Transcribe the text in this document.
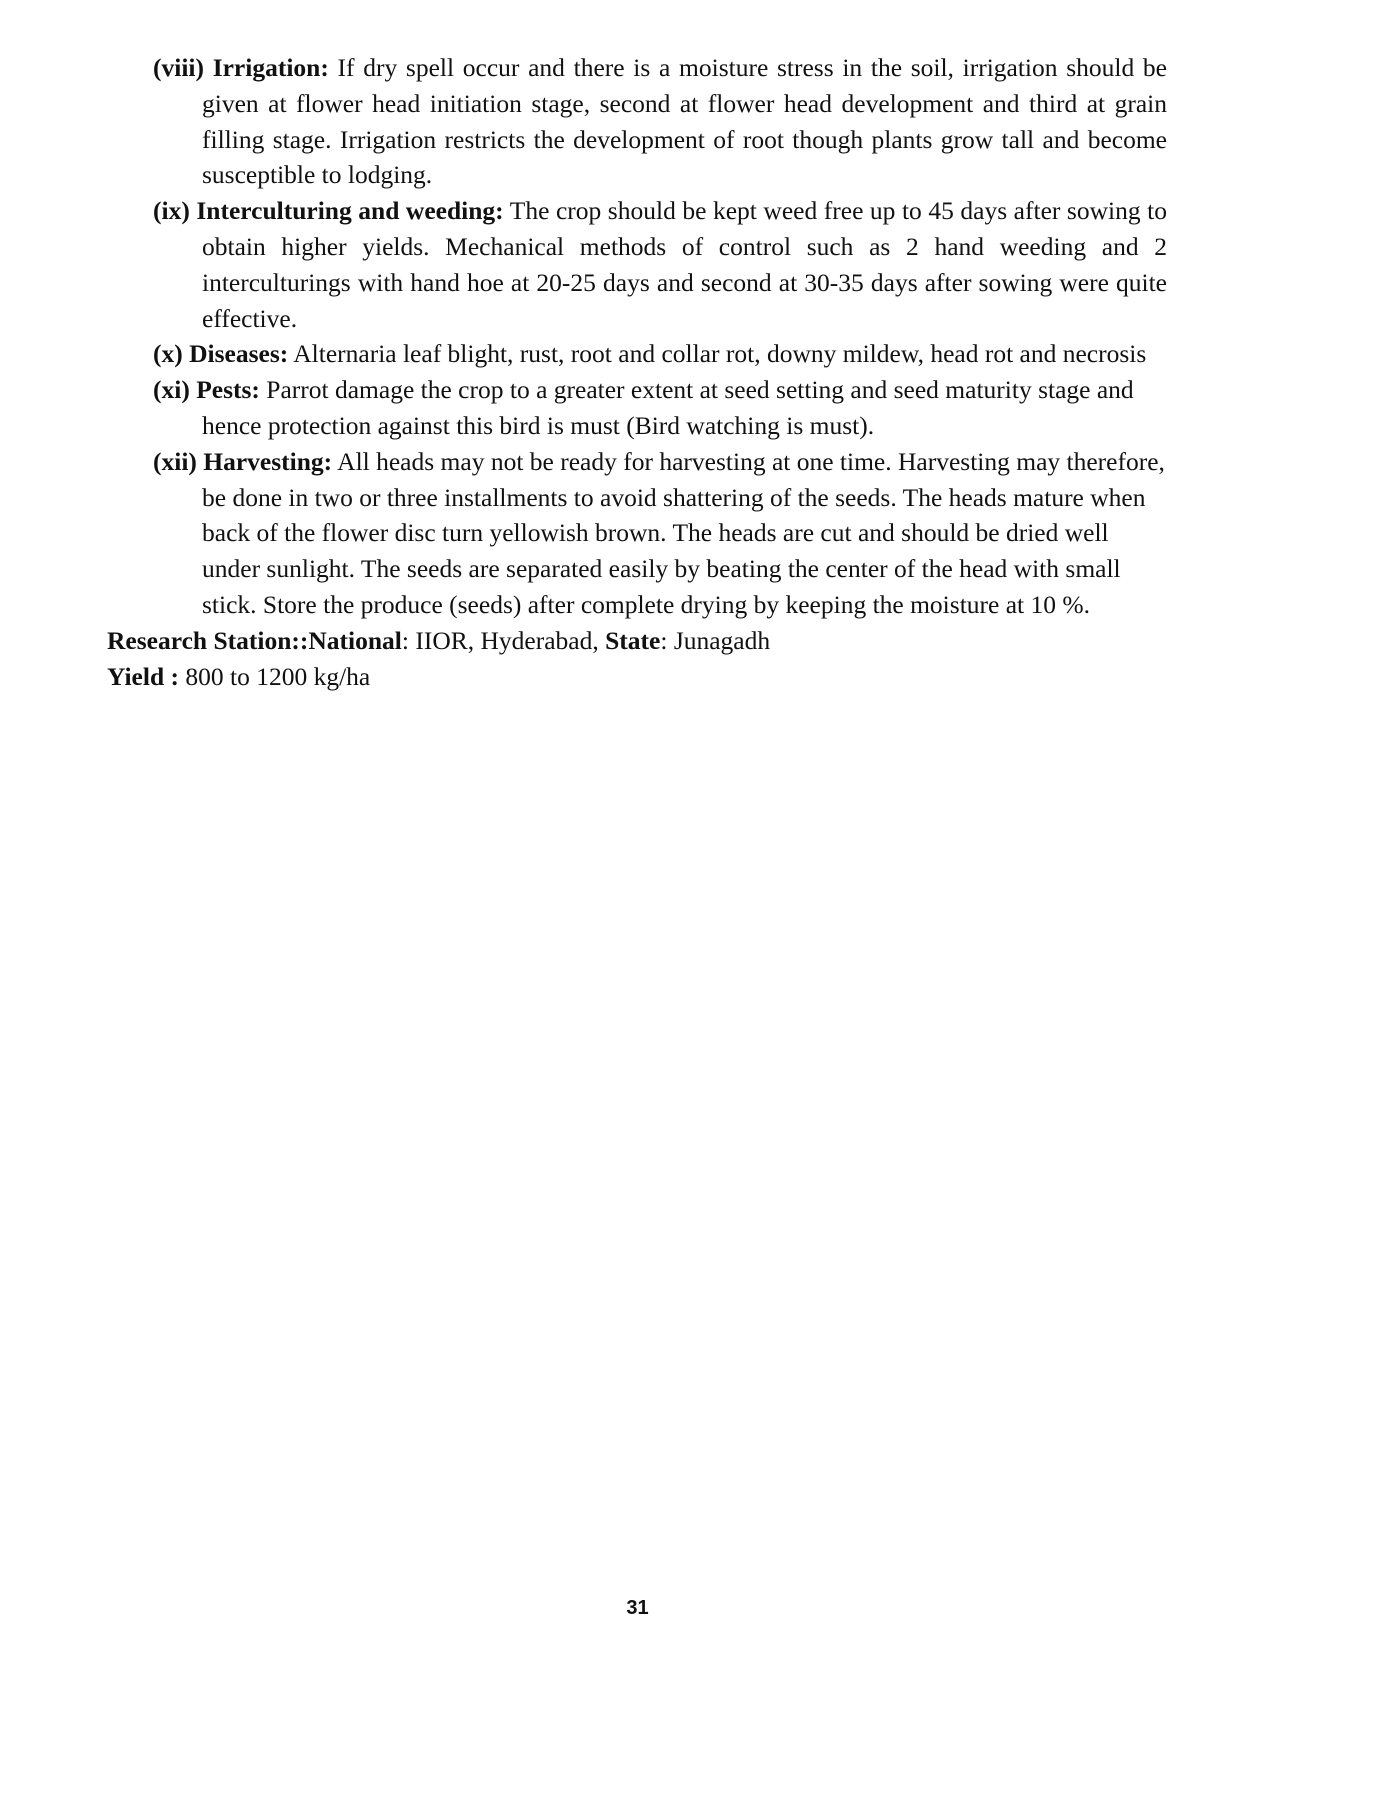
(viii) Irrigation: If dry spell occur and there is a moisture stress in the soil, irrigation should be given at flower head initiation stage, second at flower head development and third at grain filling stage. Irrigation restricts the development of root though plants grow tall and become susceptible to lodging.

(ix) Interculturing and weeding: The crop should be kept weed free up to 45 days after sowing to obtain higher yields. Mechanical methods of control such as 2 hand weeding and 2 interculturings with hand hoe at 20-25 days and second at 30-35 days after sowing were quite effective.

(x) Diseases: Alternaria leaf blight, rust, root and collar rot, downy mildew, head rot and necrosis

(xi) Pests: Parrot damage the crop to a greater extent at seed setting and seed maturity stage and hence protection against this bird is must (Bird watching is must).

(xii) Harvesting: All heads may not be ready for harvesting at one time. Harvesting may therefore, be done in two or three installments to avoid shattering of the seeds. The heads mature when back of the flower disc turn yellowish brown. The heads are cut and should be dried well under sunlight. The seeds are separated easily by beating the center of the head with small stick. Store the produce (seeds) after complete drying by keeping the moisture at 10 %.

Research Station::National: IIOR, Hyderabad, State: Junagadh

Yield : 800 to 1200 kg/ha

31
